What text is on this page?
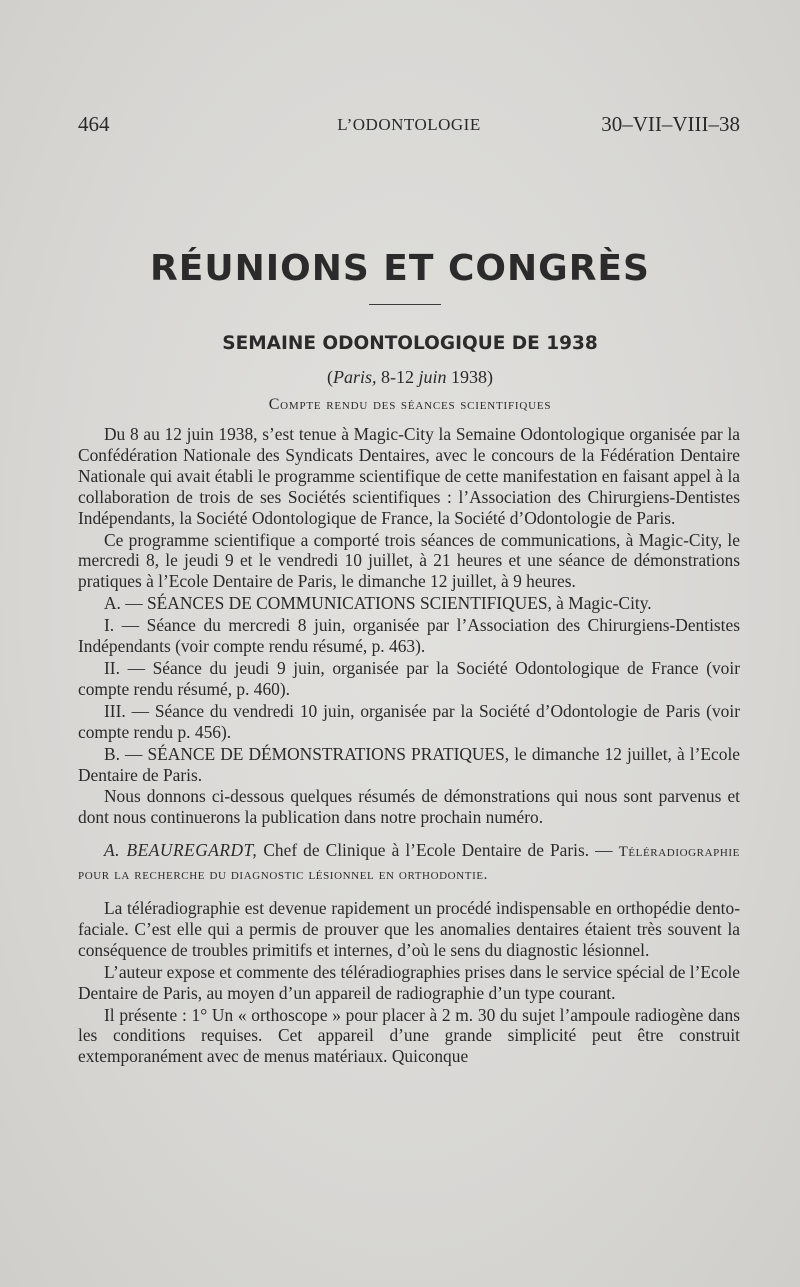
464	L’ODONTOLOGIE	30–VII–VIII–38
RÉUNIONS ET CONGRÈS
SEMAINE ODONTOLOGIQUE DE 1938
(Paris, 8-12 juin 1938)
Compte rendu des séances scientifiques

Du 8 au 12 juin 1938, s’est tenue à Magic-City la Semaine Odontologique organisée par la Confédération Nationale des Syndicats Dentaires, avec le concours de la Fédération Dentaire Nationale qui avait établi le programme scientifique de cette manifestation en faisant appel à la collaboration de trois de ses Sociétés scientifiques : l’Association des Chirurgiens-Dentistes Indépendants, la Société Odontologique de France, la Société d’Odontologie de Paris.

Ce programme scientifique a comporté trois séances de communications, à Magic-City, le mercredi 8, le jeudi 9 et le vendredi 10 juillet, à 21 heures et une séance de démonstrations pratiques à l’Ecole Dentaire de Paris, le dimanche 12 juillet, à 9 heures.

A. — SÉANCES DE COMMUNICATIONS SCIENTIFIQUES, à Magic-City.

I. — Séance du mercredi 8 juin, organisée par l’Association des Chirurgiens-Dentistes Indépendants (voir compte rendu résumé, p. 463).

II. — Séance du jeudi 9 juin, organisée par la Société Odontologique de France (voir compte rendu résumé, p. 460).

III. — Séance du vendredi 10 juin, organisée par la Société d’Odontologie de Paris (voir compte rendu p. 456).

B. — SÉANCE DE DÉMONSTRATIONS PRATIQUES, le dimanche 12 juillet, à l’Ecole Dentaire de Paris.

Nous donnons ci-dessous quelques résumés de démonstrations qui nous sont parvenus et dont nous continuerons la publication dans notre prochain numéro.

A. BEAUREGARDT, Chef de Clinique à l’Ecole Dentaire de Paris. — Téléradiographie pour la recherche du diagnostic lésionnel en orthodontie.

La téléradiographie est devenue rapidement un procédé indispensable en orthopédie dento-faciale. C’est elle qui a permis de prouver que les anomalies dentaires étaient très souvent la conséquence de troubles primitifs et internes, d’où le sens du diagnostic lésionnel.

L’auteur expose et commente des téléradiographies prises dans le service spécial de l’Ecole Dentaire de Paris, au moyen d’un appareil de radiographie d’un type courant.

Il présente : 1° Un « orthoscope » pour placer à 2 m. 30 du sujet l’ampoule radiogène dans les conditions requises. Cet appareil d’une grande simplicité peut être construit extemporanément avec de menus matériaux. Quiconque
